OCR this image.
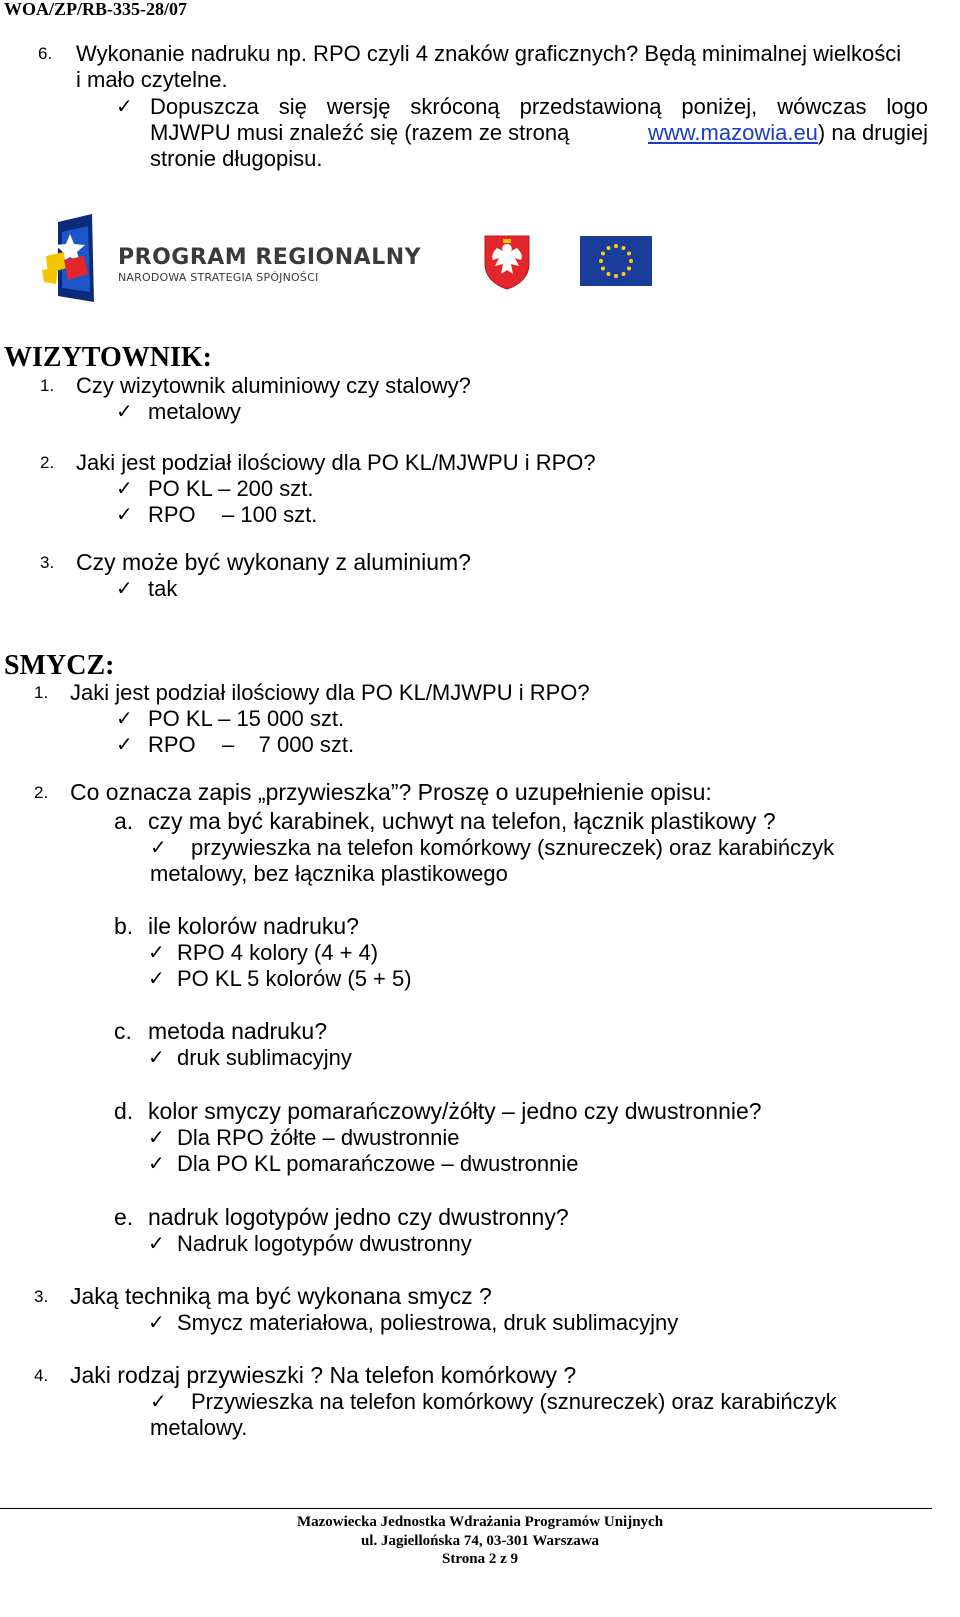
WOA/ZP/RB-335-28/07
6. Wykonanie nadruku np. RPO czyli 4 znaków graficznych? Będą minimalnej wielkości
i mało czytelne.
✓ Dopuszcza się wersję skróconą przedstawioną poniżej, wówczas logo
MJWPU musi znaleźć się (razem ze stroną	www.mazowia.eu) na drugiej
stronie długopisu.
PROGRAM REGIONALNY
NARODOWA STRATEGIA SPÓJNOŚCI
WIZYTOWNIK:
1. Czy wizytownik aluminiowy czy stalowy?
✓ metalowy
2. Jaki jest podział ilościowy dla PO KL/MJWPU i RPO?
✓ PO KL – 200 szt.
✓ RPO – 100 szt.
3. Czy może być wykonany z aluminium?
✓ tak
SMYCZ:
1. Jaki jest podział ilościowy dla PO KL/MJWPU i RPO?
✓ PO KL – 15 000 szt.
✓ RPO –    7 000 szt.
2. Co oznacza zapis „przywieszka”? Proszę o uzupełnienie opisu:
a. czy ma być karabinek, uchwyt na telefon, łącznik plastikowy ?
✓ przywieszka na telefon komórkowy (sznureczek) oraz karabińczyk
metalowy, bez łącznika plastikowego
b. ile kolorów nadruku?
✓ RPO 4 kolory (4 + 4)
✓ PO KL 5 kolorów (5 + 5)
c. metoda nadruku?
✓ druk sublimacyjny
d. kolor smyczy pomarańczowy/żółty – jedno czy dwustronnie?
✓ Dla RPO żółte – dwustronnie
✓ Dla PO KL pomarańczowe – dwustronnie
e. nadruk logotypów jedno czy dwustronny?
✓ Nadruk logotypów dwustronny
3. Jaką techniką ma być wykonana smycz ?
✓ Smycz materiałowa, poliestrowa, druk sublimacyjny
4. Jaki rodzaj przywieszki ? Na telefon komórkowy ?
✓ Przywieszka na telefon komórkowy (sznureczek) oraz karabińczyk
metalowy.
Mazowiecka Jednostka Wdrażania Programów Unijnych
ul. Jagiellońska 74, 03-301 Warszawa
Strona 2 z 9
